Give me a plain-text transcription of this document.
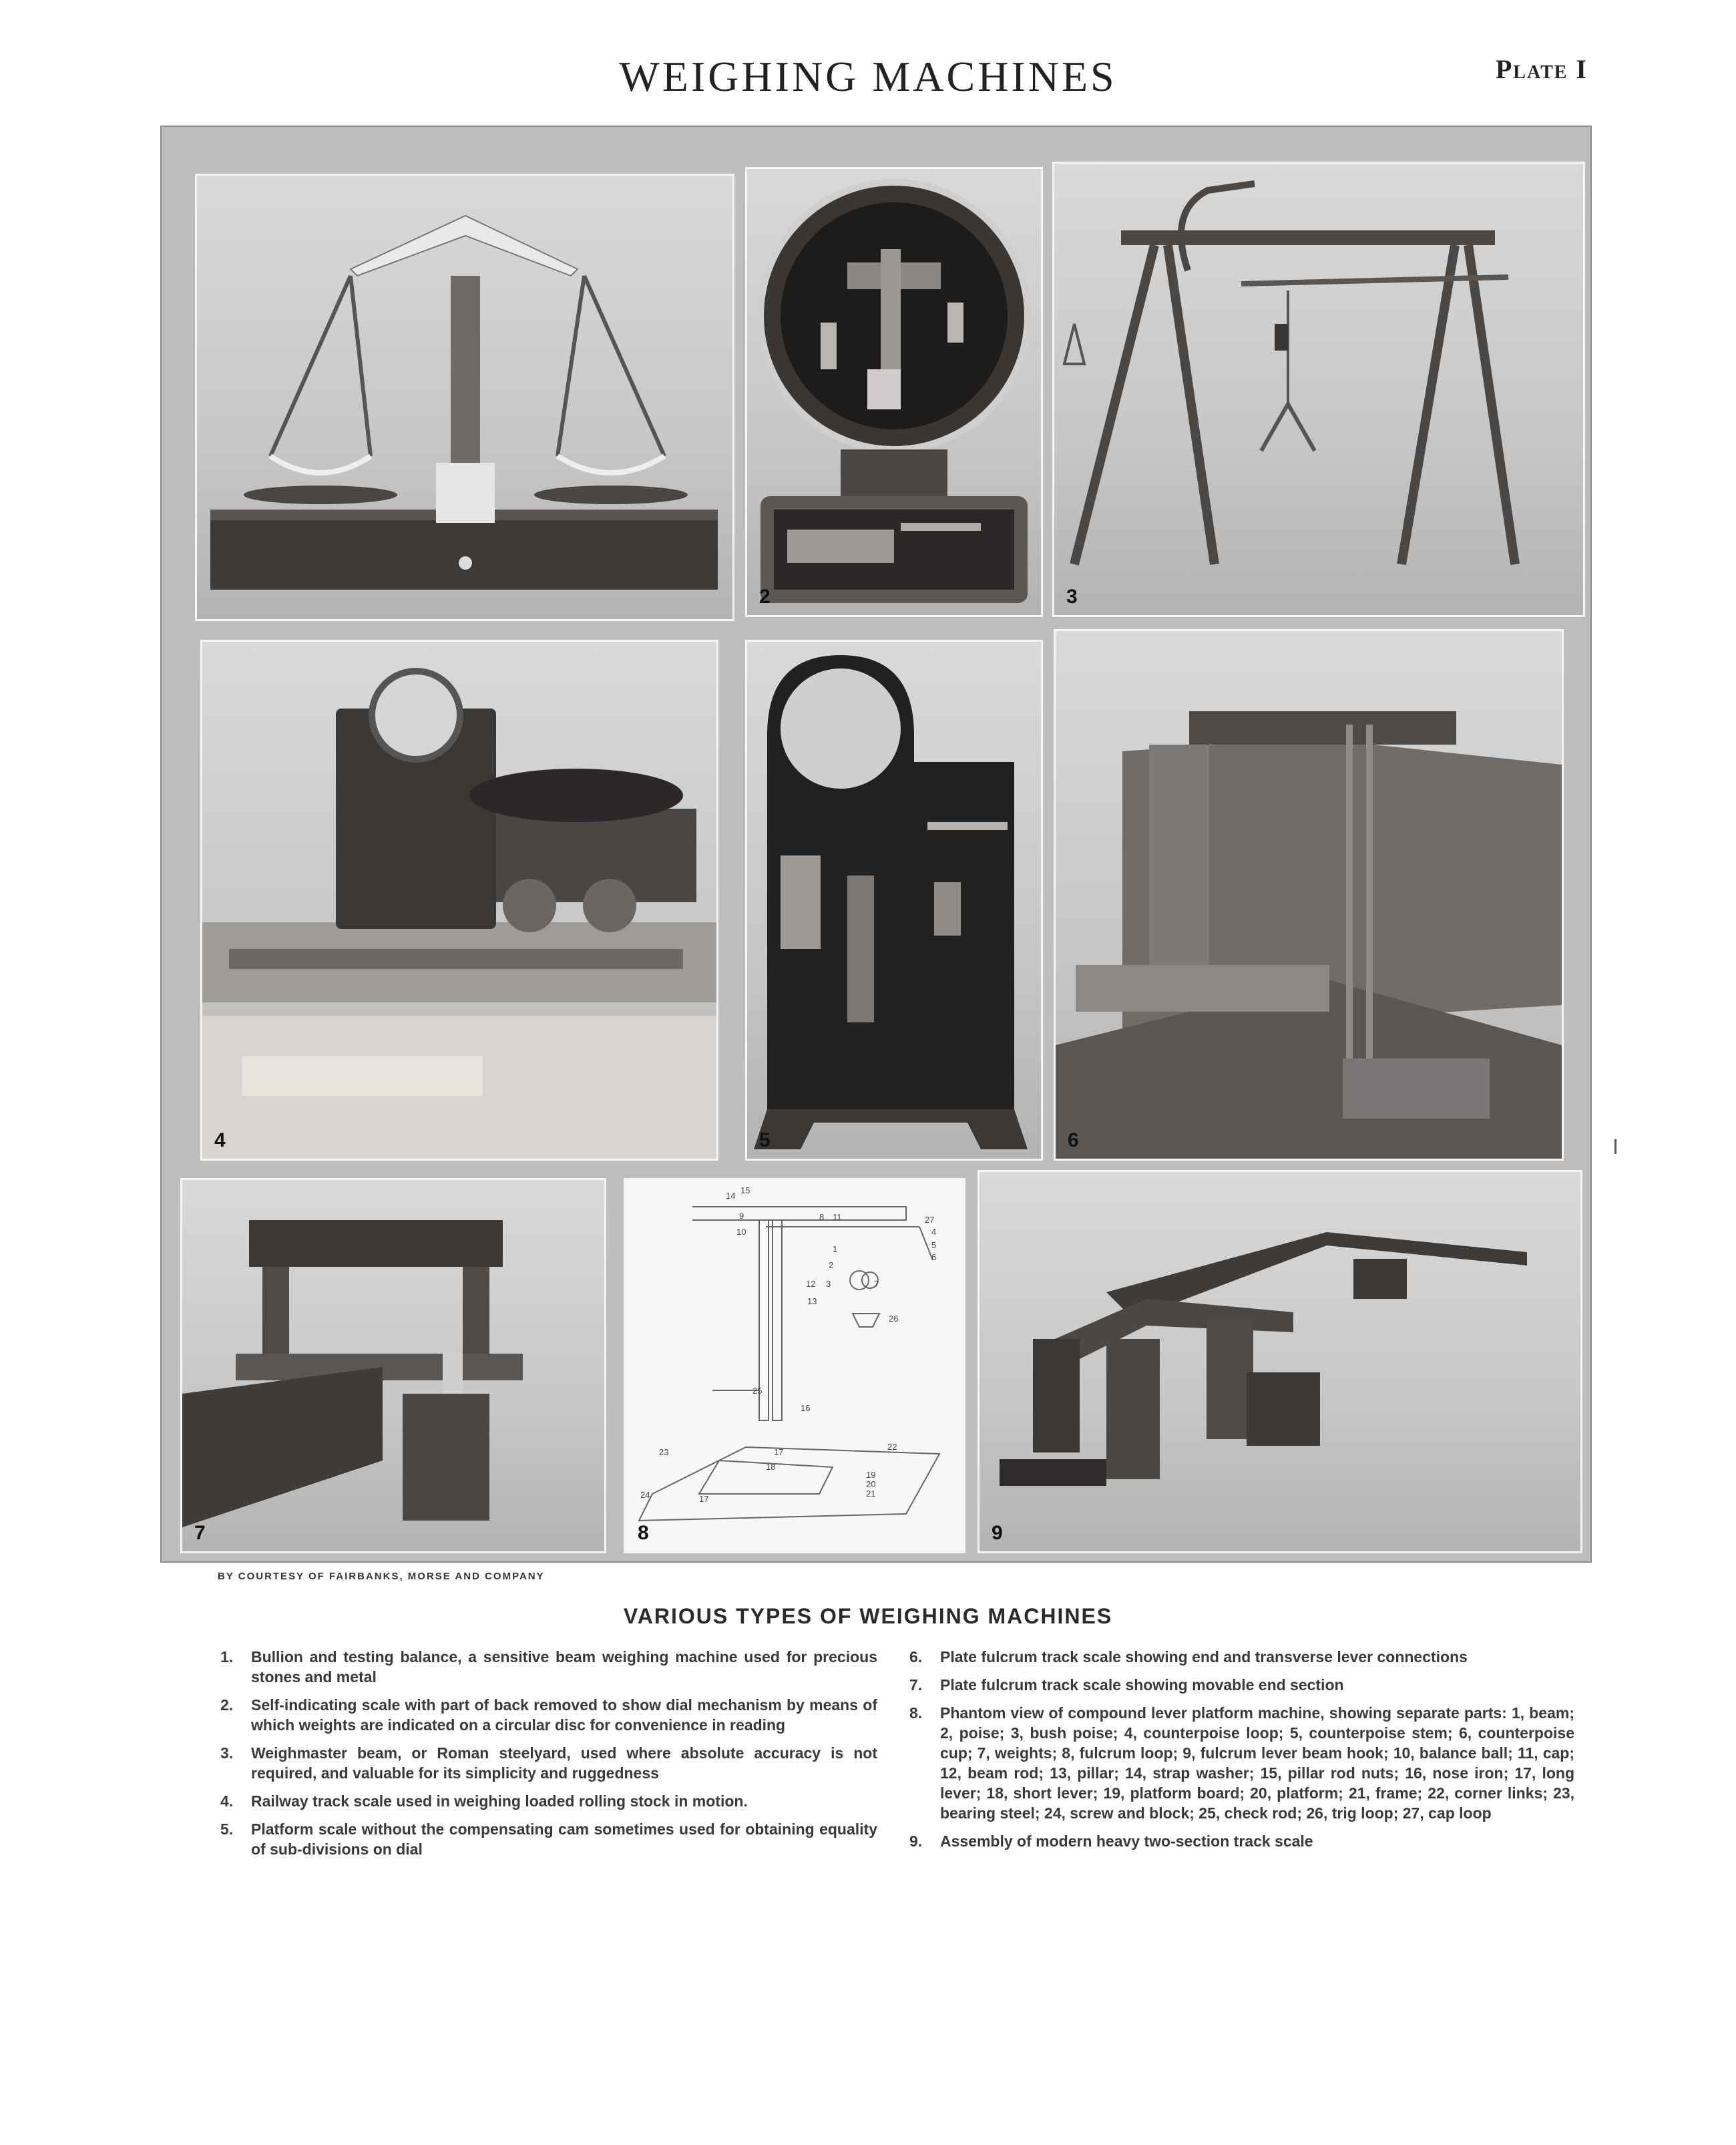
WEIGHING MACHINES	Plate I
2	3
4	5	6
7
14
15
9
10
8 11	27
4
5
6
1
2
3	7
12
13
26
25
16
22
23	17
18
19
20
21
24	17
8	9
BY COURTESY OF FAIRBANKS, MORSE AND COMPANY
VARIOUS TYPES OF WEIGHING MACHINES
1.	Bullion and testing balance, a sensitive beam weighing machine used for precious stones and metal
2.	Self-indicating scale with part of back removed to show dial mechanism by means of which weights are indicated on a circular disc for convenience in reading
3.	Weighmaster beam, or Roman steelyard, used where absolute accuracy is not required, and valuable for its simplicity and ruggedness
4.	Railway track scale used in weighing loaded rolling stock in motion.
5.	Platform scale without the compensating cam sometimes used for obtaining equality of sub-divisions on dial
6.	Plate fulcrum track scale showing end and transverse lever connections
7.	Plate fulcrum track scale showing movable end section
8.	Phantom view of compound lever platform machine, showing separate parts: 1, beam; 2, poise; 3, bush poise; 4, counterpoise loop; 5, counterpoise stem; 6, counterpoise cup; 7, weights; 8, fulcrum loop; 9, fulcrum lever beam hook; 10, balance ball; 11, cap; 12, beam rod; 13, pillar; 14, strap washer; 15, pillar rod nuts; 16, nose iron; 17, long lever; 18, short lever; 19, platform board; 20, platform; 21, frame; 22, corner links; 23, bearing steel; 24, screw and block; 25, check rod; 26, trig loop; 27, cap loop
9.	Assembly of modern heavy two-section track scale
